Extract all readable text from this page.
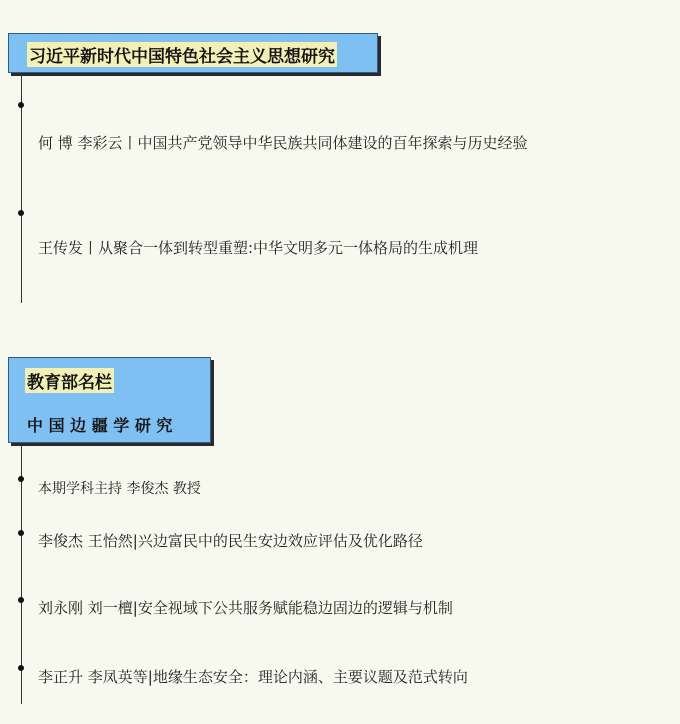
习近平新时代中国特色社会主义思想研究
何 博 李彩云丨中国共产党领导中华民族共同体建设的百年探索与历史经验
王传发丨从聚合一体到转型重塑:中华文明多元一体格局的生成机理
教育部名栏
中 国 边 疆 学 研 究
本期学科主持 李俊杰 教授
李俊杰 王怡然|兴边富民中的民生安边效应评估及优化路径
刘永刚 刘一檀|安全视域下公共服务赋能稳边固边的逻辑与机制
李正升 李凤英等|地缘生态安全：理论内涵、主要议题及范式转向
